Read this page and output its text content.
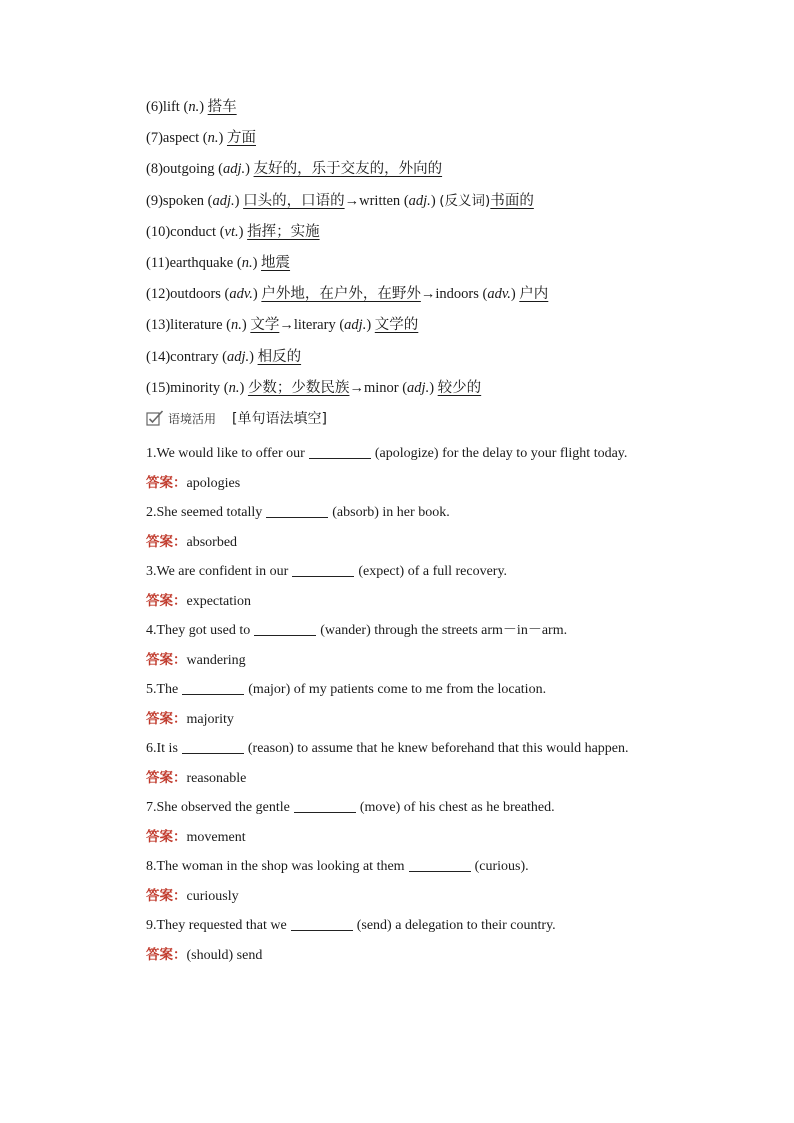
(6)lift (n.) 搭车
(7)aspect (n.) 方面
(8)outgoing (adj.) 友好的，乐于交友的，外向的
(9)spoken (adj.) 口头的，口语的→written (adj.) (反义词)书面的
(10)conduct (vt.) 指挥；实施
(11)earthquake (n.) 地震
(12)outdoors (adv.) 户外地，在户外，在野外→indoors (adv.) 户内
(13)literature (n.) 文学→literary (adj.) 文学的
(14)contrary (adj.) 相反的
(15)minority (n.) 少数；少数民族→minor (adj.) 较少的
语境活用 [单句语法填空]

1.We would like to offer our	(apologize) for the delay to your flight today.

答案：apologies

2.She seemed totally	(absorb) in her book.

答案：absorbed

3.We are confident in our	(expect) of a full recovery.

答案：expectation

4.They got used to	(wander) through the streets arm－in－arm.

答案：wandering

5.The	(major) of my patients come to me from the location.

答案：majority

6.It is	(reason) to assume that he knew beforehand that this would happen.

答案：reasonable

7.She observed the gentle	(move) of his chest as he breathed.

答案：movement

8.The woman in the shop was looking at them	(curious).

答案：curiously

9.They requested that we	(send) a delegation to their country.

答案：(should) send
